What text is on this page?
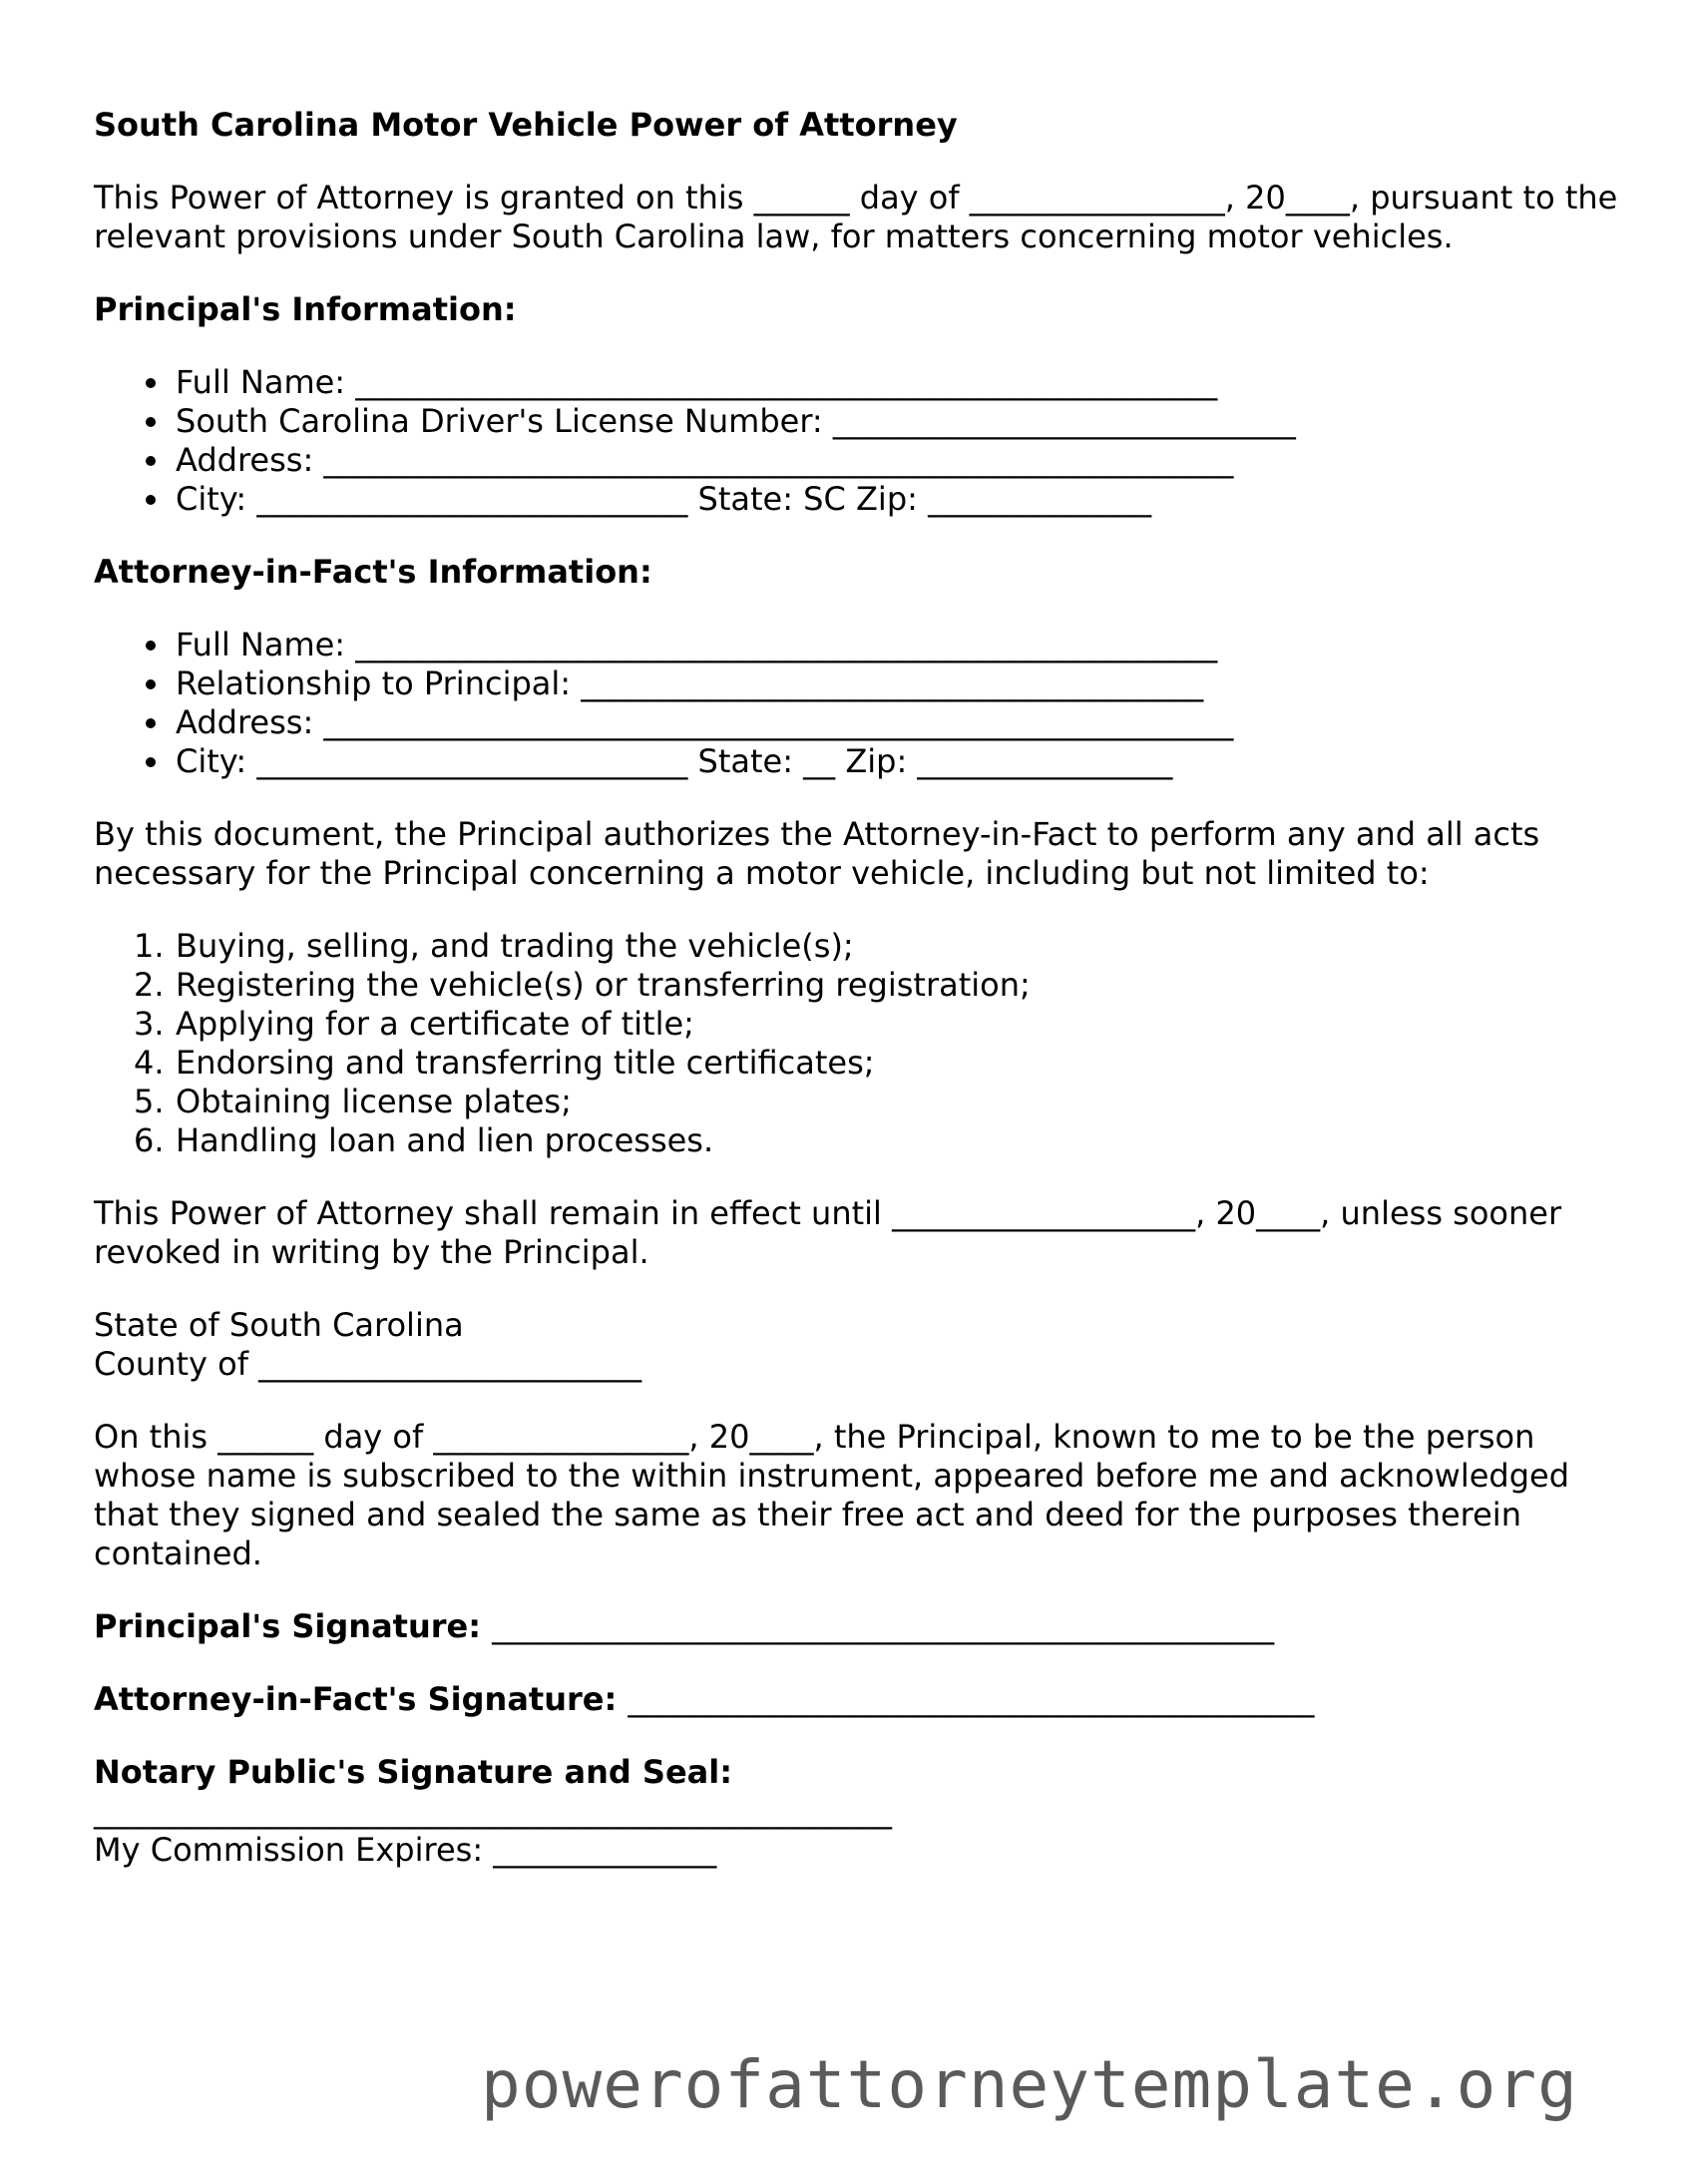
South Carolina Motor Vehicle Power of Attorney
This Power of Attorney is granted on this ______ day of ________________, 20____, pursuant to the relevant provisions under South Carolina law, for matters concerning motor vehicles.
Principal's Information:
Full Name: ______________________________________________________
South Carolina Driver's License Number: _____________________________
Address: _________________________________________________________
City: ___________________________ State: SC Zip: ______________
Attorney-in-Fact's Information:
Full Name: ______________________________________________________
Relationship to Principal: _______________________________________
Address: _________________________________________________________
City: ___________________________ State: __ Zip: ________________
By this document, the Principal authorizes the Attorney-in-Fact to perform any and all acts necessary for the Principal concerning a motor vehicle, including but not limited to:
1. Buying, selling, and trading the vehicle(s);
2. Registering the vehicle(s) or transferring registration;
3. Applying for a certificate of title;
4. Endorsing and transferring title certificates;
5. Obtaining license plates;
6. Handling loan and lien processes.
This Power of Attorney shall remain in effect until ___________________, 20____, unless sooner revoked in writing by the Principal.
State of South Carolina
County of ________________________
On this ______ day of ________________, 20____, the Principal, known to me to be the person whose name is subscribed to the within instrument, appeared before me and acknowledged that they signed and sealed the same as their free act and deed for the purposes therein contained.
Principal's Signature: _________________________________________________
Attorney-in-Fact's Signature: ___________________________________________
Notary Public's Signature and Seal:
__________________________________________________
My Commission Expires: ______________
powerofattorneytemplate.org
